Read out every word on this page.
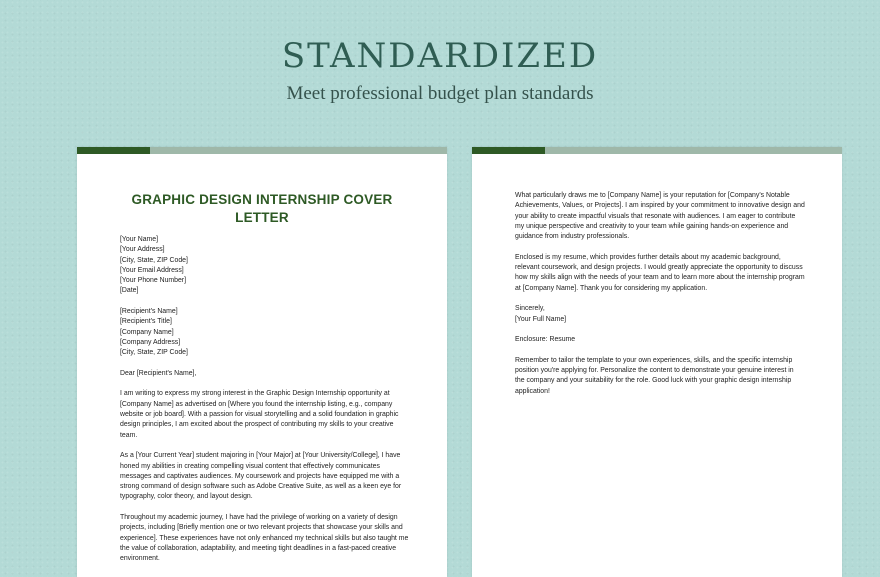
STANDARDIZED
Meet professional budget plan standards
GRAPHIC DESIGN INTERNSHIP COVER LETTER

[Your Name]
[Your Address]
[City, State, ZIP Code]
[Your Email Address]
[Your Phone Number]
[Date]

[Recipient's Name]
[Recipient's Title]
[Company Name]
[Company Address]
[City, State, ZIP Code]

Dear [Recipient's Name],

I am writing to express my strong interest in the Graphic Design Internship opportunity at [Company Name] as advertised on [Where you found the internship listing, e.g., company website or job board]. With a passion for visual storytelling and a solid foundation in graphic design principles, I am excited about the prospect of contributing my skills to your creative team.

As a [Your Current Year] student majoring in [Your Major] at [Your University/College], I have honed my abilities in creating compelling visual content that effectively communicates messages and captivates audiences. My coursework and projects have equipped me with a strong command of design software such as Adobe Creative Suite, as well as a keen eye for typography, color theory, and layout design.

Throughout my academic journey, I have had the privilege of working on a variety of design projects, including [Briefly mention one or two relevant projects that showcase your skills and experience]. These experiences have not only enhanced my technical skills but also taught me the value of collaboration, adaptability, and meeting tight deadlines in a fast-paced creative environment.

What particularly draws me to [Company Name] is your reputation for [Company's Notable Achievements, Values, or Projects]. I am inspired by your commitment to innovative design and your ability to create impactful visuals that resonate with audiences. I am eager to contribute my unique perspective and creativity to your team while gaining hands-on experience and guidance from industry professionals.

Enclosed is my resume, which provides further details about my academic background, relevant coursework, and design projects. I would greatly appreciate the opportunity to discuss how my skills align with the needs of your team and to learn more about the internship program at [Company Name]. Thank you for considering my application.

Sincerely,
[Your Full Name]

Enclosure: Resume

Remember to tailor the template to your own experiences, skills, and the specific internship position you're applying for. Personalize the content to demonstrate your genuine interest in the company and your suitability for the role. Good luck with your graphic design internship application!
